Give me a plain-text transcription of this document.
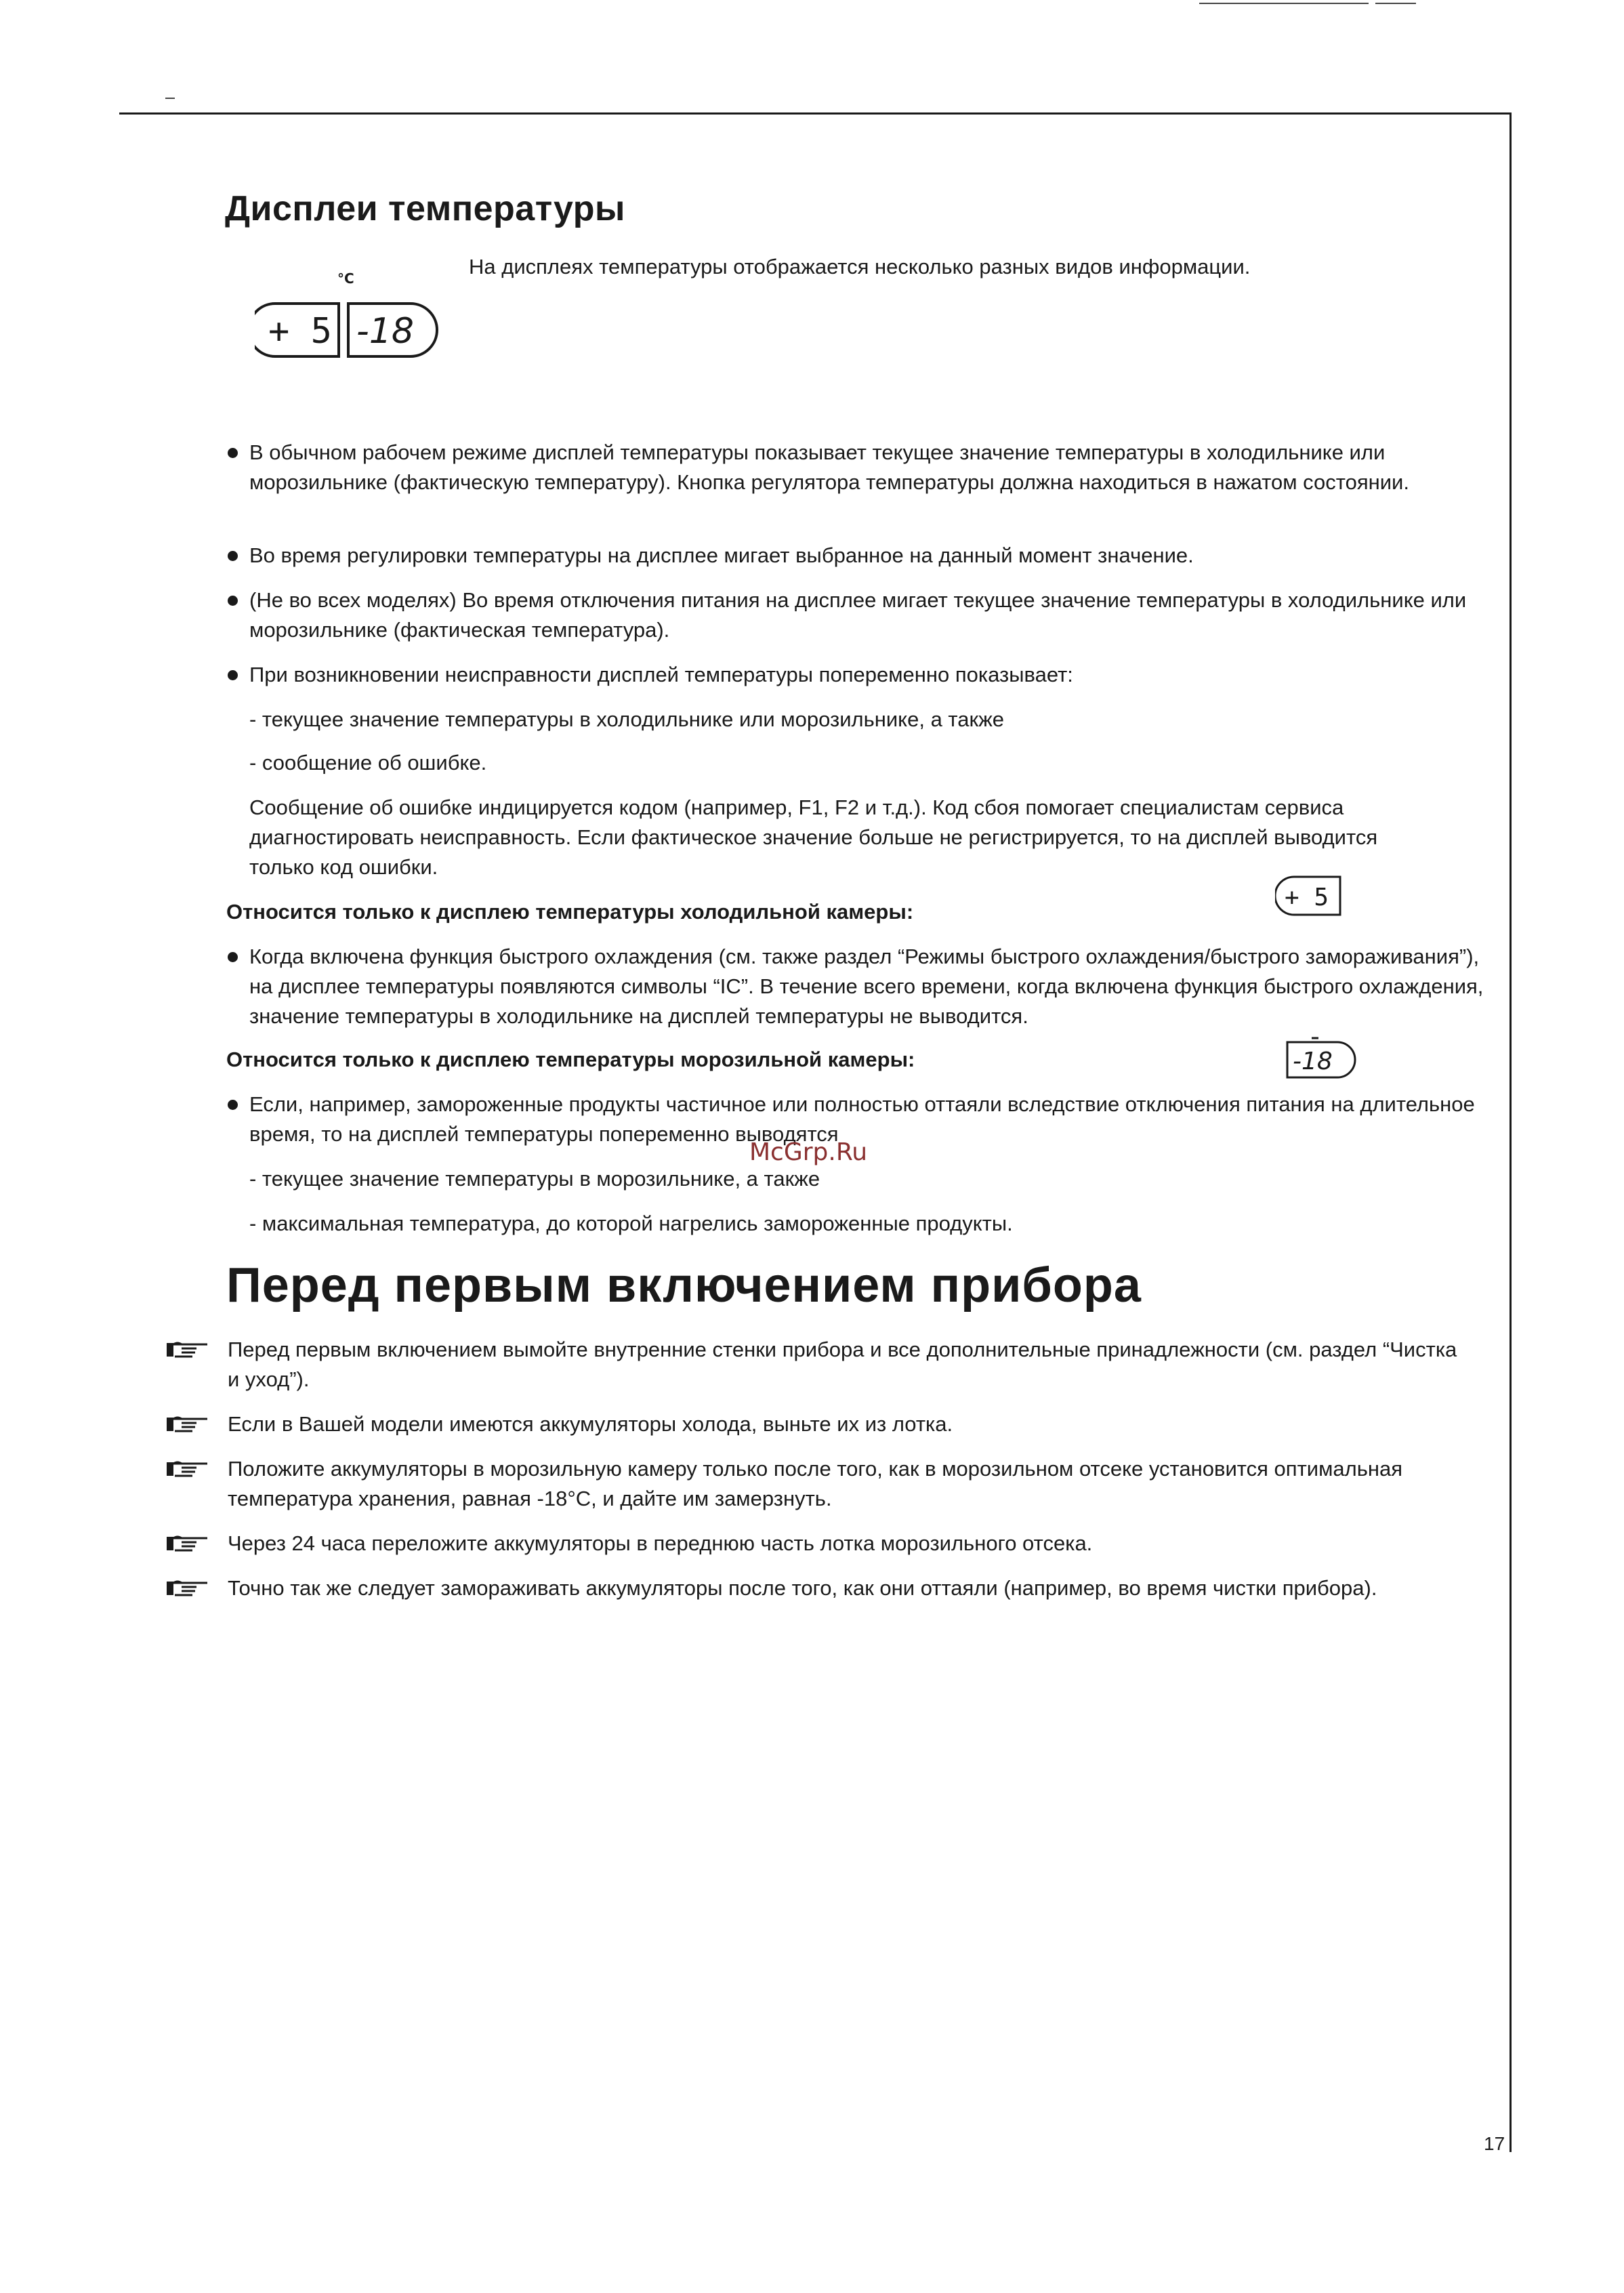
Дисплеи температуры
°C
+ 5 -18

На дисплеях температуры отображается несколько разных видов информации.

В обычном рабочем режиме дисплей температуры показывает текущее значение температуры в холодильнике или морозильнике (фактическую температуру). Кнопка регулятора температуры должна находиться в нажатом состоянии.
Во время регулировки температуры на дисплее мигает выбранное на данный момент значение.
(Не во всех моделях) Во время отключения питания на дисплее мигает текущее значение температуры в холодильнике или морозильнике (фактическая температура).
При возникновении неисправности дисплей температуры попеременно показывает:
- текущее значение температуры в холодильнике или морозильнике, а также
- сообщение об ошибке.
Сообщение об ошибке индицируется кодом (например, F1, F2 и т.д.). Код сбоя помогает специалистам сервиса диагностировать неисправность. Если фактическое значение больше не регистрируется, то на дисплей выводится только код ошибки.
Относится только к дисплею температуры холодильной камеры:
+ 5
Когда включена функция быстрого охлаждения (см. также раздел “Режимы быстрого охлаждения/быстрого замораживания”), на дисплее температуры появляются символы “IC”. В течение всего времени, когда включена функция быстрого охлаждения, значение температуры в холодильнике на дисплей температуры не выводится.
Относится только к дисплею температуры морозильной камеры:	-18
Если, например, замороженные продукты частичное или полностью оттаяли вследствие отключения питания на длительное время, то на дисплей температуры попеременно выводятся
- текущее значение температуры в морозильнике, а также
- максимальная температура, до которой нагрелись замороженные продукты.
McGrp.Ru
Перед первым включением прибора
Перед первым включением вымойте внутренние стенки прибора и все дополнительные принадлежности (см. раздел “Чистка и уход”).
Если в Вашей модели имеются аккумуляторы холода, выньте их из лотка.
Положите аккумуляторы в морозильную камеру только после того, как в морозильном отсеке установится оптимальная температура хранения, равная -18°C, и дайте им замерзнуть.
Через 24 часа переложите аккумуляторы в переднюю часть лотка морозильного отсека.
Точно так же следует замораживать аккумуляторы после того, как они оттаяли (например, во время чистки прибора).
17
